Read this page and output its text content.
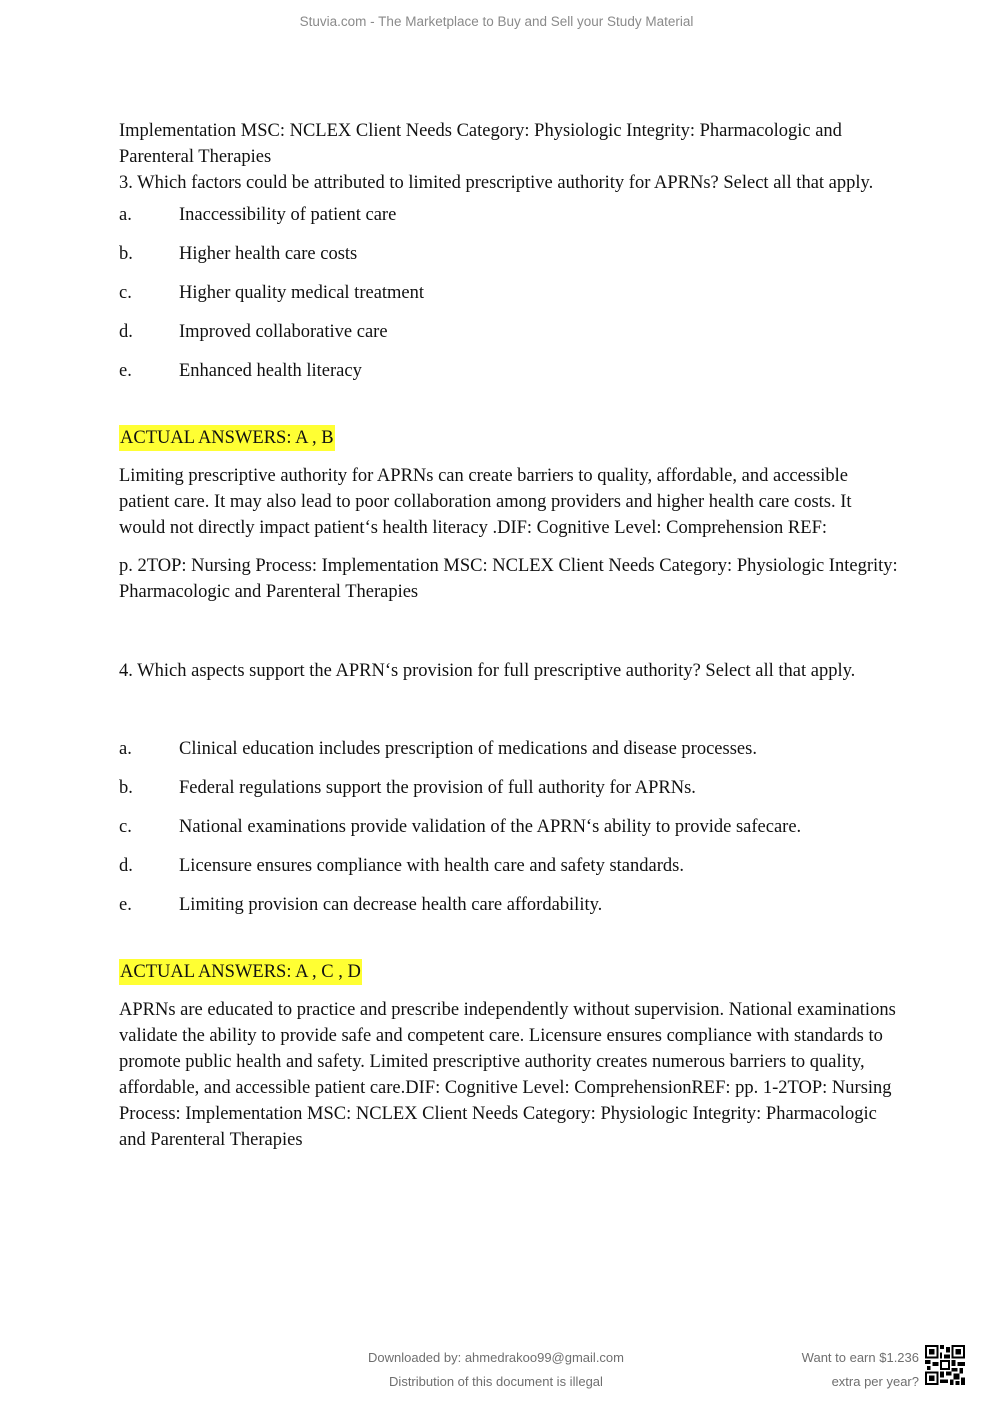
Stuvia.com - The Marketplace to Buy and Sell your Study Material

Implementation MSC: NCLEX Client Needs Category: Physiologic Integrity: Pharmacologic and Parenteral Therapies

3. Which factors could be attributed to limited prescriptive authority for APRNs? Select all that apply.

a.	Inaccessibility of patient care
b.	Higher health care costs
c.	Higher quality medical treatment
d.	Improved collaborative care
e.	Enhanced health literacy

ACTUAL ANSWERS: A , B

Limiting prescriptive authority for APRNs can create barriers to quality, affordable, and accessible patient care. It may also lead to poor collaboration among providers and higher health care costs. It would not directly impact patient‘s health literacy .DIF: Cognitive Level: Comprehension REF:

p. 2TOP: Nursing Process: Implementation MSC: NCLEX Client Needs Category: Physiologic Integrity: Pharmacologic and Parenteral Therapies

4. Which aspects support the APRN‘s provision for full prescriptive authority? Select all that apply.

a.	Clinical education includes prescription of medications and disease processes.
b.	Federal regulations support the provision of full authority for APRNs.
c.	National examinations provide validation of the APRN‘s ability to provide safecare.
d.	Licensure ensures compliance with health care and safety standards.
e.	Limiting provision can decrease health care affordability.

ACTUAL ANSWERS: A , C , D

APRNs are educated to practice and prescribe independently without supervision. National examinations validate the ability to provide safe and competent care. Licensure ensures compliance with standards to promote public health and safety. Limited prescriptive authority creates numerous barriers to quality, affordable, and accessible patient care.DIF: Cognitive Level: ComprehensionREF: pp. 1-2TOP: Nursing Process: Implementation MSC: NCLEX Client Needs Category: Physiologic Integrity: Pharmacologic and Parenteral Therapies

Downloaded by: ahmedrakoo99@gmail.com
Distribution of this document is illegal
Want to earn $1.236
extra per year?
